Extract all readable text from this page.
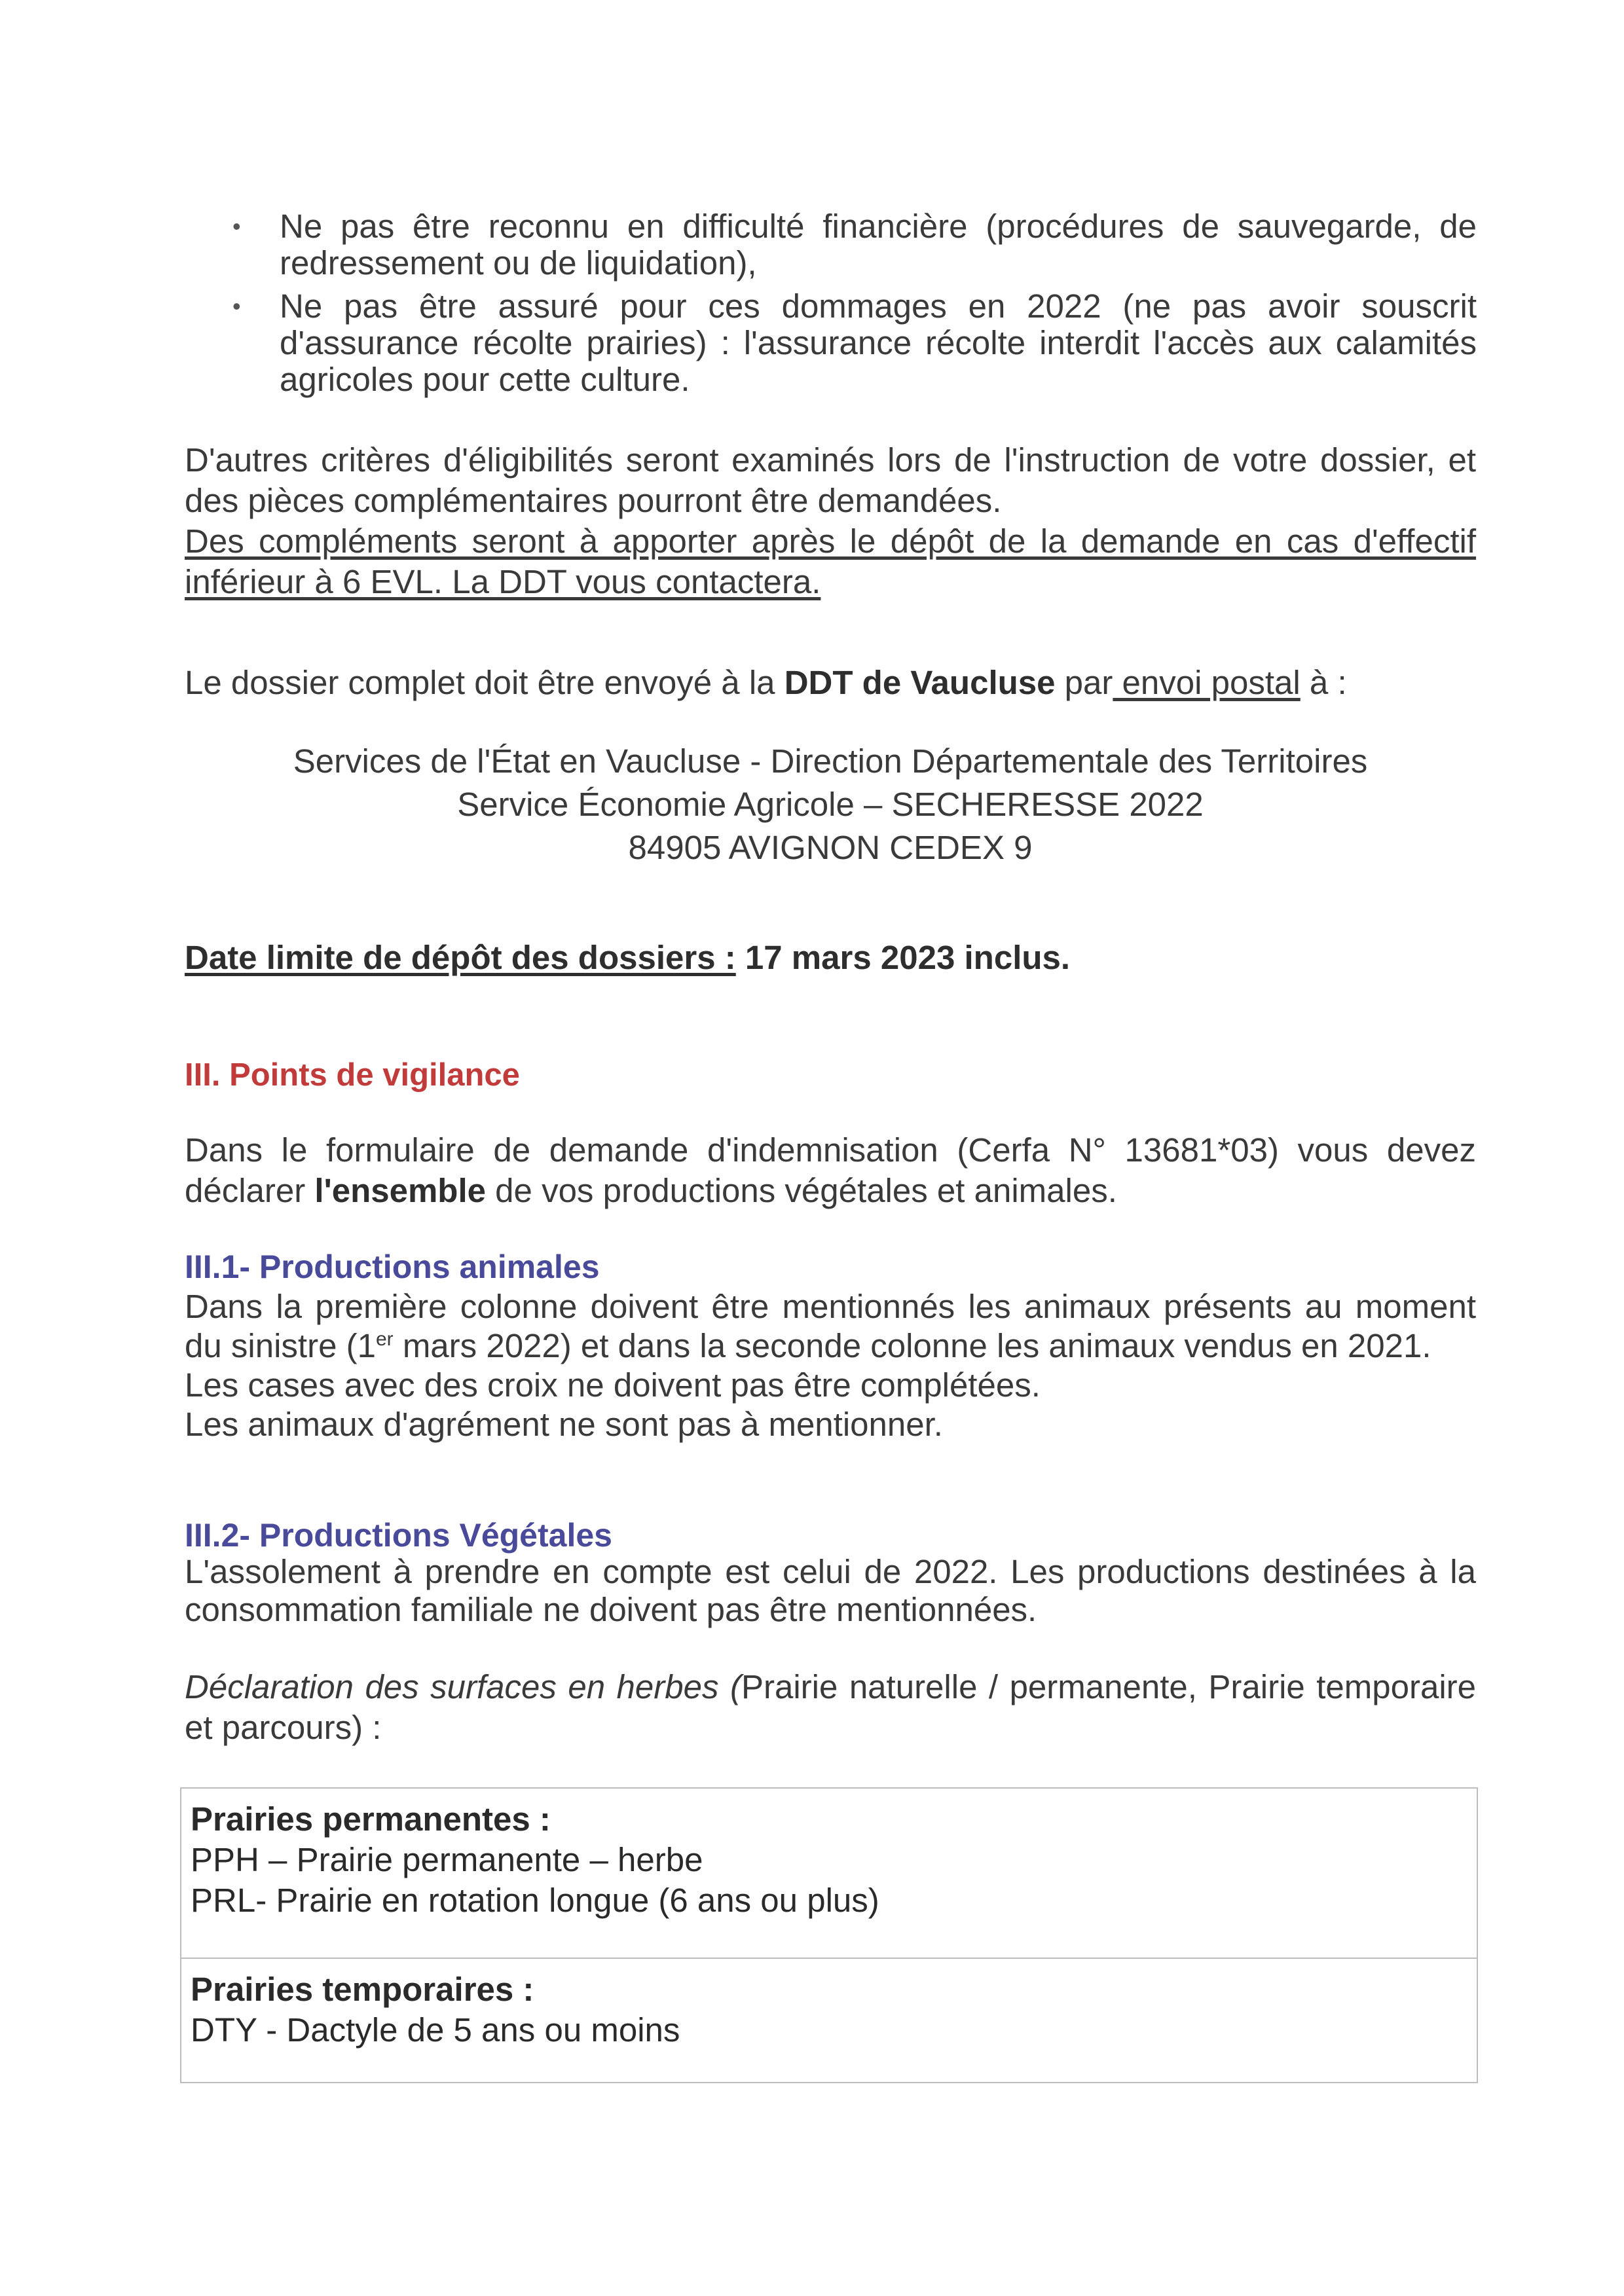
• Ne pas être reconnu en difficulté financière (procédures de sauvegarde, de redressement ou de liquidation),
• Ne pas être assuré pour ces dommages en 2022 (ne pas avoir souscrit d'assurance récolte prairies) : l'assurance récolte interdit l'accès aux calamités agricoles pour cette culture.
D'autres critères d'éligibilités seront examinés lors de l'instruction de votre dossier, et des pièces complémentaires pourront être demandées.
Des compléments seront à apporter après le dépôt de la demande en cas d'effectif inférieur à 6 EVL. La DDT vous contactera.
Le dossier complet doit être envoyé à la DDT de Vaucluse par envoi postal à :
Services de l'État en Vaucluse - Direction Départementale des Territoires
Service Économie Agricole – SECHERESSE 2022
84905 AVIGNON CEDEX 9
Date limite de dépôt des dossiers : 17 mars 2023 inclus.
III. Points de vigilance
Dans le formulaire de demande d'indemnisation (Cerfa N° 13681*03) vous devez déclarer l'ensemble de vos productions végétales et animales.
III.1- Productions animales
Dans la première colonne doivent être mentionnés les animaux présents au moment du sinistre (1er mars 2022) et dans la seconde colonne les animaux vendus en 2021.
Les cases avec des croix ne doivent pas être complétées.
Les animaux d'agrément ne sont pas à mentionner.
III.2- Productions Végétales
L'assolement à prendre en compte est celui de 2022. Les productions destinées à la consommation familiale ne doivent pas être mentionnées.
Déclaration des surfaces en herbes (Prairie naturelle / permanente, Prairie temporaire et parcours) :
Prairies permanentes :
PPH – Prairie permanente – herbe
PRL- Prairie en rotation longue (6 ans ou plus)
Prairies temporaires :
DTY - Dactyle de 5 ans ou moins
